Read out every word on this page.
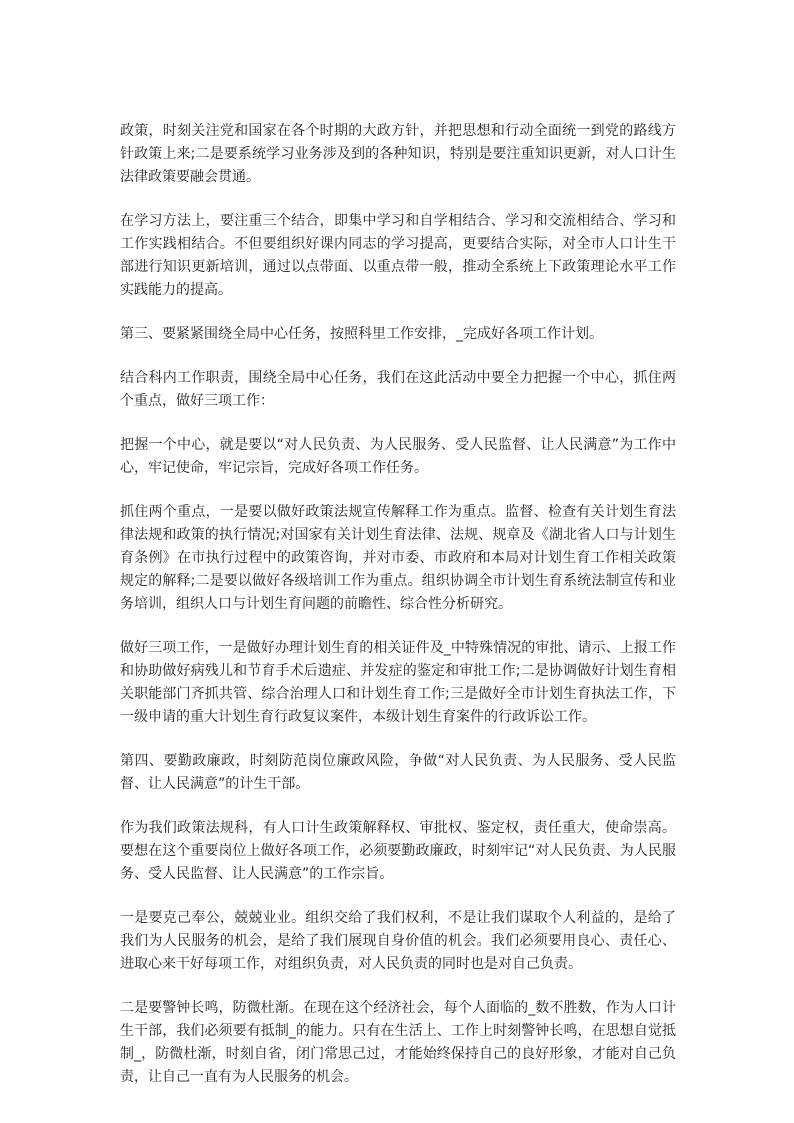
政策，时刻关注党和国家在各个时期的大政方针，并把思想和行动全面统一到党的路线方针政策上来;二是要系统学习业务涉及到的各种知识，特别是要注重知识更新，对人口计生法律政策要融会贯通。

在学习方法上，要注重三个结合，即集中学习和自学相结合、学习和交流相结合、学习和工作实践相结合。不但要组织好课内同志的学习提高，更要结合实际，对全市人口计生干部进行知识更新培训，通过以点带面、以重点带一般，推动全系统上下政策理论水平工作实践能力的提高。

第三、要紧紧围绕全局中心任务，按照科里工作安排，_完成好各项工作计划。

结合科内工作职责，围绕全局中心任务，我们在这此活动中要全力把握一个中心，抓住两个重点，做好三项工作：

把握一个中心，就是要以“对人民负责、为人民服务、受人民监督、让人民满意”为工作中心，牢记使命，牢记宗旨，完成好各项工作任务。

抓住两个重点，一是要以做好政策法规宣传解释工作为重点。监督、检查有关计划生育法律法规和政策的执行情况;对国家有关计划生育法律、法规、规章及《湖北省人口与计划生育条例》在市执行过程中的政策咨询，并对市委、市政府和本局对计划生育工作相关政策规定的解释;二是要以做好各级培训工作为重点。组织协调全市计划生育系统法制宣传和业务培训，组织人口与计划生育问题的前瞻性、综合性分析研究。

做好三项工作，一是做好办理计划生育的相关证件及_中特殊情况的审批、请示、上报工作和协助做好病残儿和节育手术后遗症、并发症的鉴定和审批工作;二是协调做好计划生育相关职能部门齐抓共管、综合治理人口和计划生育工作;三是做好全市计划生育执法工作，下一级申请的重大计划生育行政复议案件，本级计划生育案件的行政诉讼工作。

第四、要勤政廉政，时刻防范岗位廉政风险，争做“对人民负责、为人民服务、受人民监督、让人民满意”的计生干部。

作为我们政策法规科，有人口计生政策解释权、审批权、鉴定权，责任重大，使命崇高。要想在这个重要岗位上做好各项工作，必须要勤政廉政，时刻牢记“对人民负责、为人民服务、受人民监督、让人民满意”的工作宗旨。

一是要克己奉公，兢兢业业。组织交给了我们权利，不是让我们谋取个人利益的，是给了我们为人民服务的机会，是给了我们展现自身价值的机会。我们必须要用良心、责任心、进取心来干好每项工作，对组织负责，对人民负责的同时也是对自己负责。

二是要警钟长鸣，防微杜渐。在现在这个经济社会，每个人面临的_数不胜数，作为人口计生干部，我们必须要有抵制_的能力。只有在生活上、工作上时刻警钟长鸣，在思想自觉抵制_，防微杜渐，时刻自省，闭门常思己过，才能始终保持自己的良好形象，才能对自己负责，让自己一直有为人民服务的机会。
